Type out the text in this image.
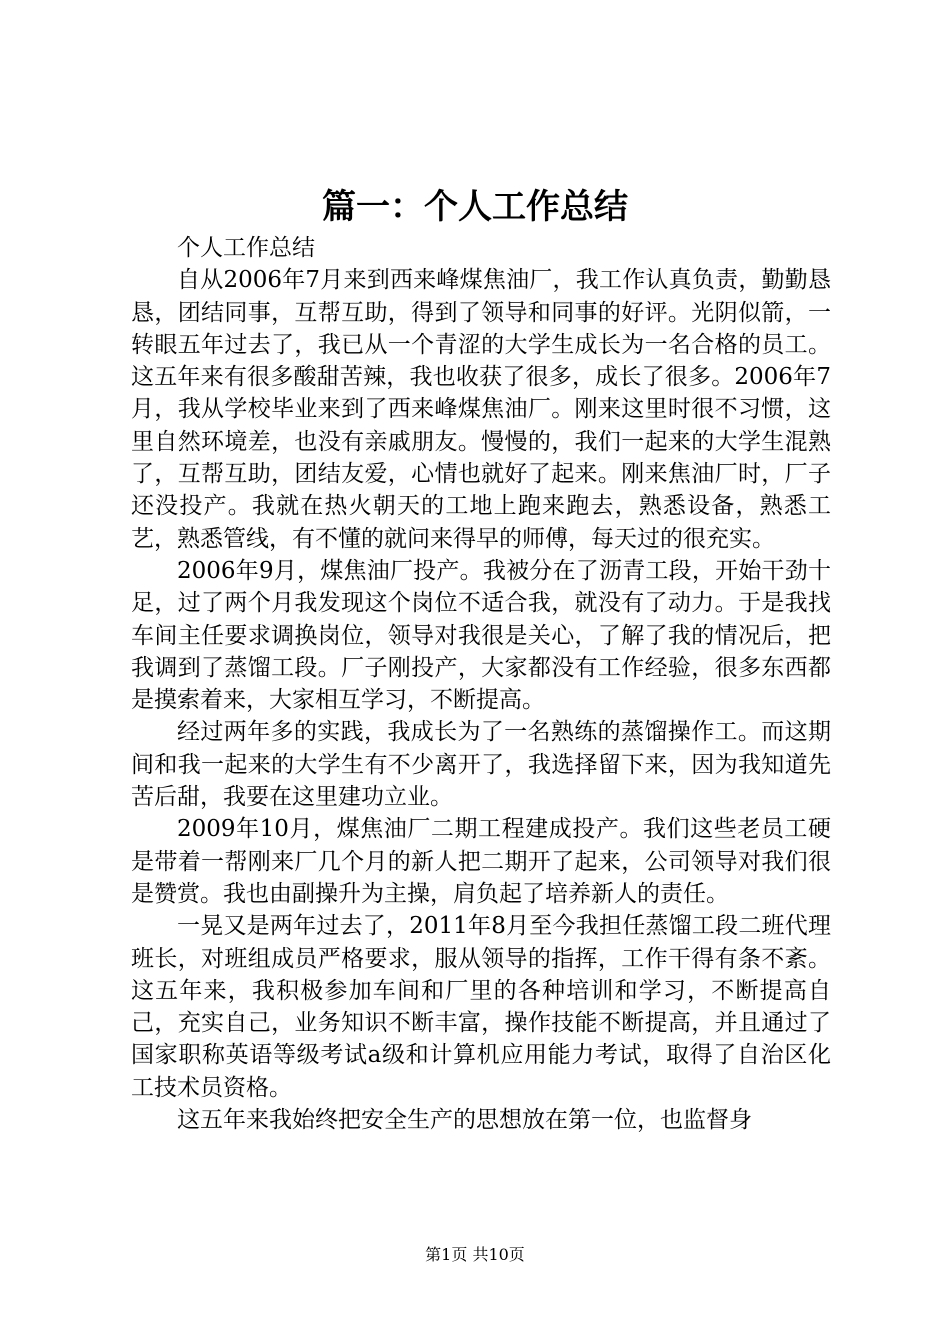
篇一：个人工作总结

个人工作总结

自从2006年7月来到西来峰煤焦油厂，我工作认真负责，勤勤恳恳，团结同事，互帮互助，得到了领导和同事的好评。光阴似箭，一转眼五年过去了，我已从一个青涩的大学生成长为一名合格的员工。这五年来有很多酸甜苦辣，我也收获了很多，成长了很多。2006年7月，我从学校毕业来到了西来峰煤焦油厂。刚来这里时很不习惯，这里自然环境差，也没有亲戚朋友。慢慢的，我们一起来的大学生混熟了，互帮互助，团结友爱，心情也就好了起来。刚来焦油厂时，厂子还没投产。我就在热火朝天的工地上跑来跑去，熟悉设备，熟悉工艺，熟悉管线，有不懂的就问来得早的师傅，每天过的很充实。

2006年9月，煤焦油厂投产。我被分在了沥青工段，开始干劲十足，过了两个月我发现这个岗位不适合我，就没有了动力。于是我找车间主任要求调换岗位，领导对我很是关心，了解了我的情况后，把我调到了蒸馏工段。厂子刚投产，大家都没有工作经验，很多东西都是摸索着来，大家相互学习，不断提高。

经过两年多的实践，我成长为了一名熟练的蒸馏操作工。而这期间和我一起来的大学生有不少离开了，我选择留下来，因为我知道先苦后甜，我要在这里建功立业。

2009年10月，煤焦油厂二期工程建成投产。我们这些老员工硬是带着一帮刚来厂几个月的新人把二期开了起来，公司领导对我们很是赞赏。我也由副操升为主操，肩负起了培养新人的责任。

一晃又是两年过去了，2011年8月至今我担任蒸馏工段二班代理班长，对班组成员严格要求，服从领导的指挥，工作干得有条不紊。这五年来，我积极参加车间和厂里的各种培训和学习，不断提高自己，充实自己，业务知识不断丰富，操作技能不断提高，并且通过了国家职称英语等级考试a级和计算机应用能力考试，取得了自治区化工技术员资格。

这五年来我始终把安全生产的思想放在第一位，也监督身

第1页 共10页
